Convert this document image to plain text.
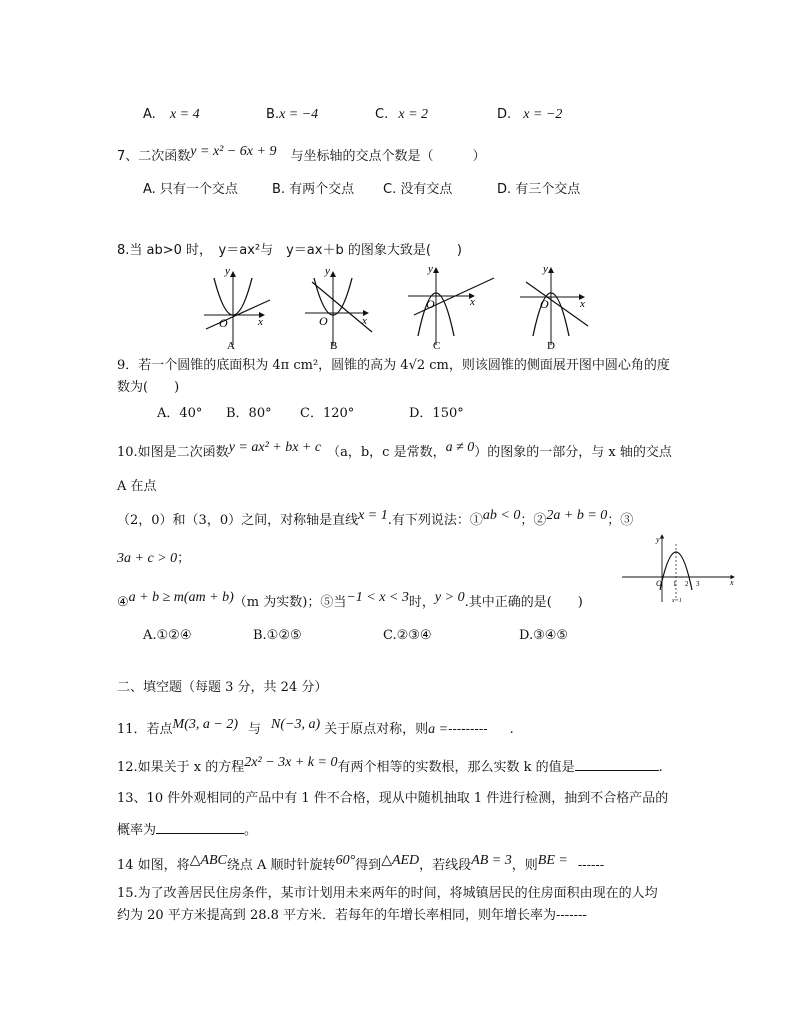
A. x = 4	B.x = −4	C. x = 2	D. x = −2
7、二次函数y = x² − 6x + 9 与坐标轴的交点个数是（　　　）
A. 只有一个交点	B. 有两个交点 C. 没有交点	D. 有三个交点
8.当 ab>0 时，　y＝ax²与　y＝ax＋b 的图象大致是(　　)
O	x
y
A
O	x
y
B
O	x
y
C
O	x
y
D
9．若一个圆锥的底面积为 4π cm²，圆锥的高为 4√2 cm，则该圆锥的侧面展开图中圆心角的度
数为(　　)
A．40° B．80° C．120°	D．150°
10.如图是二次函数y = ax² + bx + c （a，b，c 是常数，a ≠ 0）的图象的一部分，与 x 轴的交点
A 在点
（2，0）和（3，0）之间，对称轴是直线x = 1.有下列说法：①ab < 0；②2a + b = 0；③
3a + c > 0；
④a + b ≥ m(am + b)（m 为实数)；⑤当−1 < x < 3时，y > 0.其中正确的是(　　)
y
x
O 1 2 3
x=1
A.①②④	B.①②⑤	C.②③④	D.③④⑤
二、填空题（每题 3 分，共 24 分）
11．若点M(3, a − 2) 与 N(−3, a) 关于原点对称，则a =--------- .
12.如果关于 x 的方程2x² − 3x + k = 0有两个相等的实数根，那么实数 k 的值是	.
13、10 件外观相同的产品中有 1 件不合格，现从中随机抽取 1 件进行检测，抽到不合格产品的
概率为	。
14 如图，将△ABC绕点 A 顺时针旋转60°得到△AED，若线段AB = 3，则BE = ------
15.为了改善居民住房条件，某市计划用未来两年的时间，将城镇居民的住房面积由现在的人均
约为 20 平方米提高到 28.8 平方米．若每年的年增长率相同，则年增长率为-------
